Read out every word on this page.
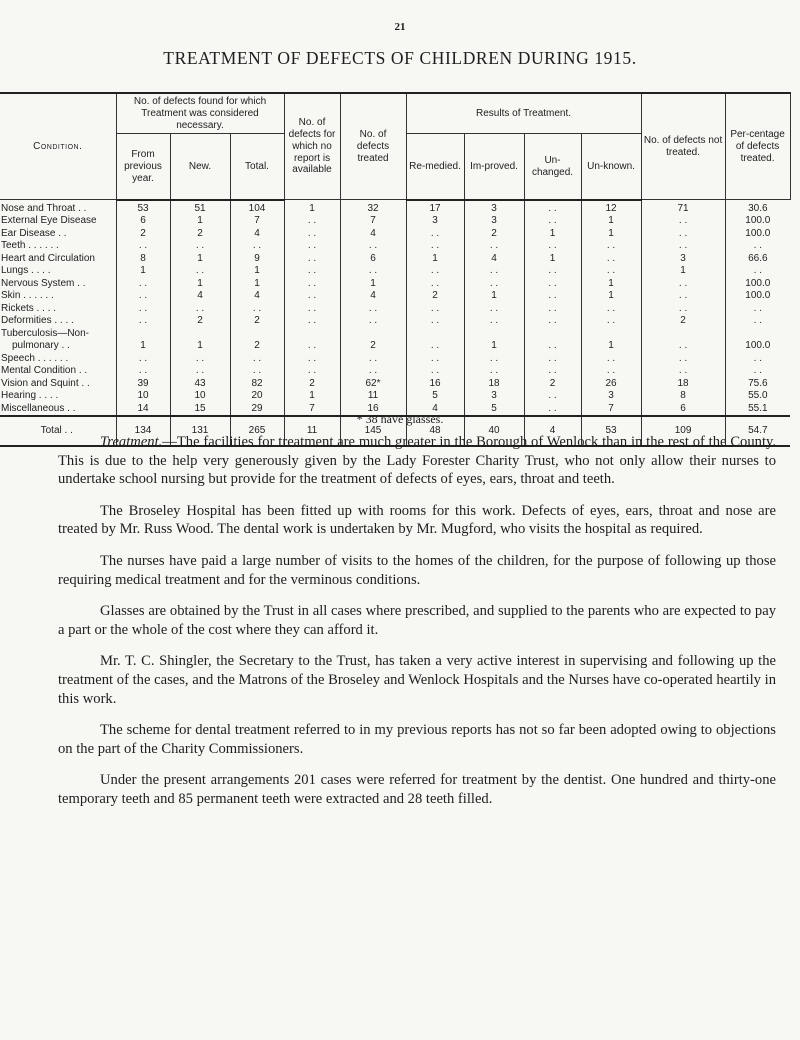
21
TREATMENT OF DEFECTS OF CHILDREN DURING 1915.
Condition.	No. of defects found for which Treatment was considered necessary.			No. of defects for which no report is available	No. of defects treated	Results of Treatment.				No. of defects not treated.	Per-centage of defects treated.
	From previous year.	New.	Total.			Re-medied.	Im-proved.	Un-changed.	Un-known.		
Nose and Throat . .	53	51	104	1	32	17	3	. .	12	71	30.6
External Eye Disease	6	1	7	. .	7	3	3	. .	1	. .	100.0
Ear Disease . .	2	2	4	. .	4	. .	2	1	1	. .	100.0
Teeth . . . . . .	. .	. .	. .	. .	. .	. .	. .	. .	. .	. .	. .
Heart and Circulation	8	1	9	. .	6	1	4	1	. .	3	66.6
Lungs . . . .	1	. .	1	. .	. .	. .	. .	. .	. .	1	. .
Nervous System . .	. .	1	1	. .	1	. .	. .	. .	1	. .	100.0
Skin . . . . . .	. .	4	4	. .	4	2	1	. .	1	. .	100.0
Rickets . . . .	. .	. .	. .	. .	. .	. .	. .	. .	. .	. .	. .
Deformities . . . .	. .	2	2	. .	. .	. .	. .	. .	. .	2	. .
Tuberculosis—Non-											
pulmonary . .	1	1	2	. .	2	. .	1	. .	1	. .	100.0
Speech . . . . . .	. .	. .	. .	. .	. .	. .	. .	. .	. .	. .	. .
Mental Condition . .	. .	. .	. .	. .	. .	. .	. .	. .	. .	. .	. .
Vision and Squint . .	39	43	82	2	62*	16	18	2	26	18	75.6
Hearing . . . .	10	10	20	1	11	5	3	. .	3	8	55.0
Miscellaneous . .	14	15	29	7	16	4	5	. .	7	6	55.1
Total . .	134	131	265	11	145	48	40	4	53	109	54.7
* 38 have glasses.

Treatment.—The facilities for treatment are much greater in the Borough of Wenlock than in the rest of the County. This is due to the help very generously given by the Lady Forester Charity Trust, who not only allow their nurses to undertake school nursing but provide for the treatment of defects of eyes, ears, throat and teeth.

The Broseley Hospital has been fitted up with rooms for this work. Defects of eyes, ears, throat and nose are treated by Mr. Russ Wood. The dental work is undertaken by Mr. Mugford, who visits the hospital as required.

The nurses have paid a large number of visits to the homes of the children, for the purpose of following up those requiring medical treatment and for the verminous conditions.

Glasses are obtained by the Trust in all cases where prescribed, and supplied to the parents who are expected to pay a part or the whole of the cost where they can afford it.

Mr. T. C. Shingler, the Secretary to the Trust, has taken a very active interest in supervising and following up the treatment of the cases, and the Matrons of the Broseley and Wenlock Hospitals and the Nurses have co-operated heartily in this work.

The scheme for dental treatment referred to in my previous reports has not so far been adopted owing to objections on the part of the Charity Commissioners.

Under the present arrangements 201 cases were referred for treatment by the dentist. One hundred and thirty-one temporary teeth and 85 permanent teeth were extracted and 28 teeth filled.
